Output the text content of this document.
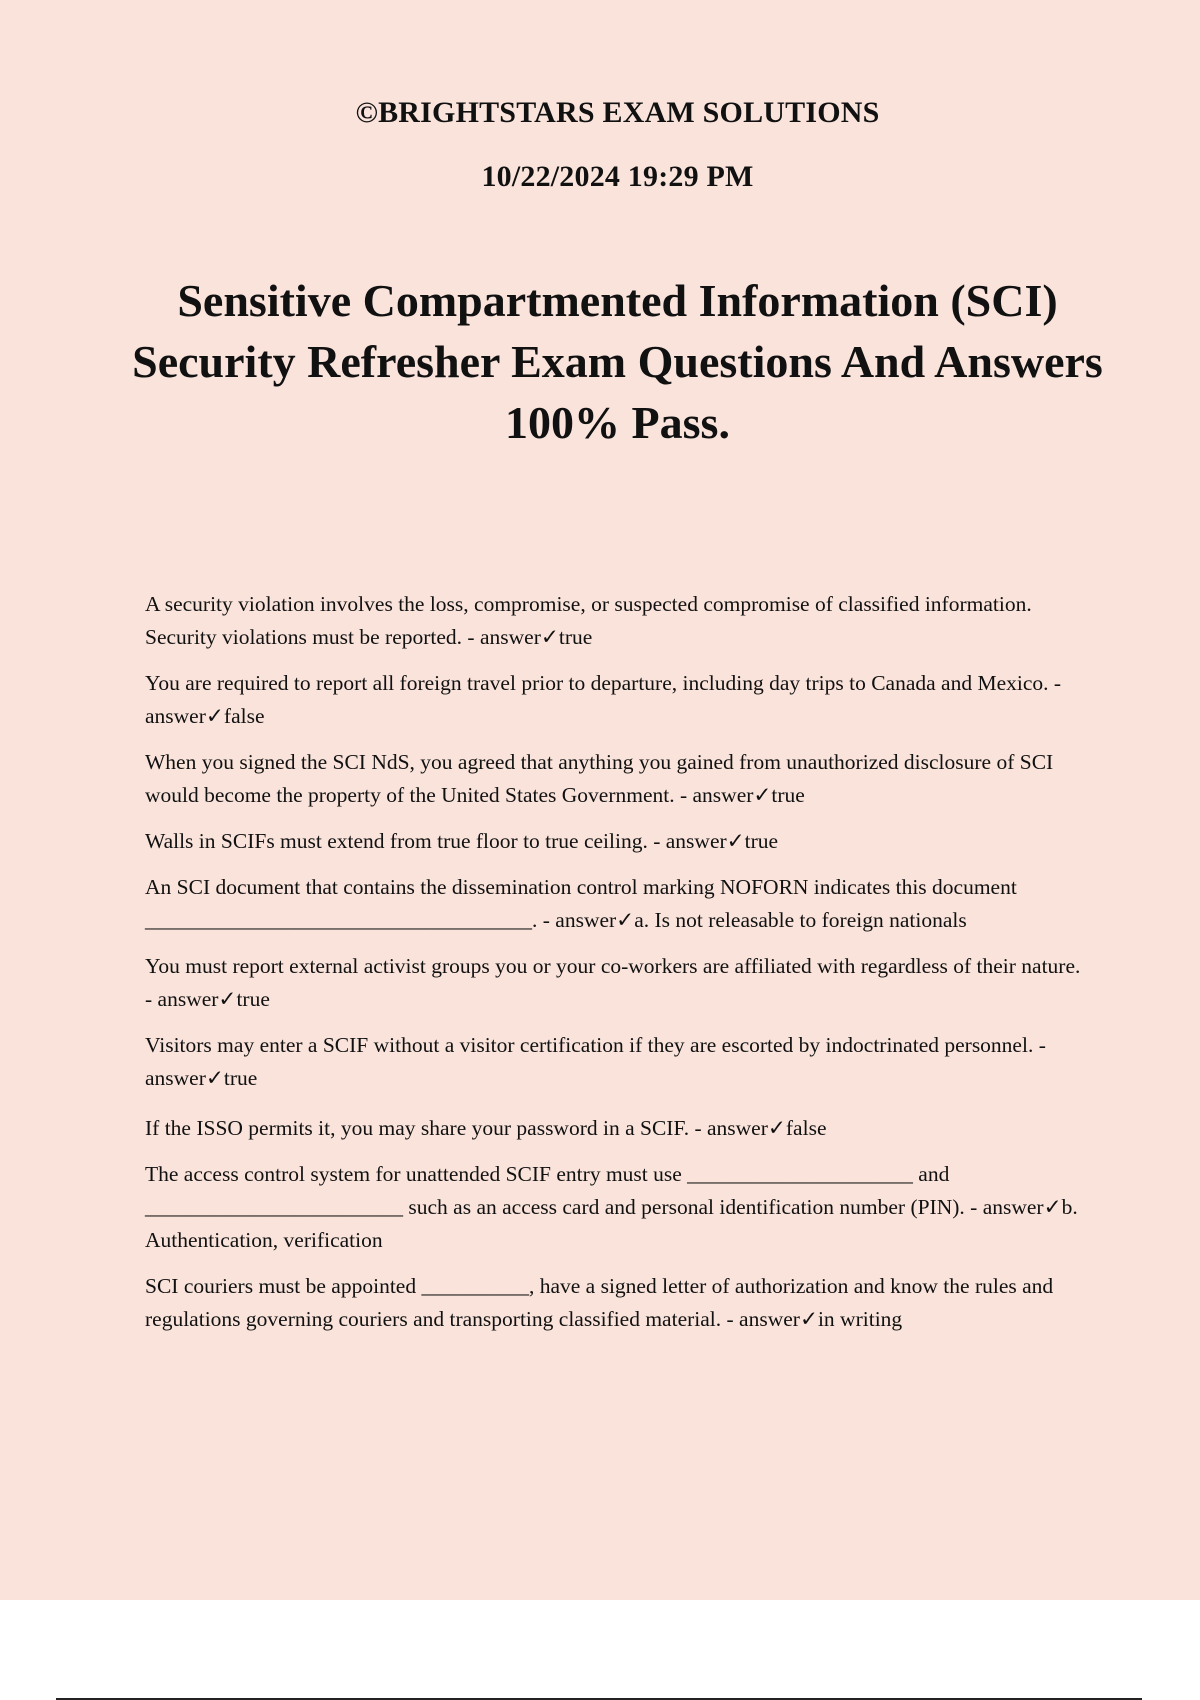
©BRIGHTSTARS EXAM SOLUTIONS
10/22/2024 19:29 PM
Sensitive Compartmented Information (SCI) Security Refresher Exam Questions And Answers 100% Pass.

A security violation involves the loss, compromise, or suspected compromise of classified information. Security violations must be reported. - answer✓true

You are required to report all foreign travel prior to departure, including day trips to Canada and Mexico. - answer✓false

When you signed the SCI NdS, you agreed that anything you gained from unauthorized disclosure of SCI would become the property of the United States Government. - answer✓true

Walls in SCIFs must extend from true floor to true ceiling. - answer✓true

An SCI document that contains the dissemination control marking NOFORN indicates this document ____________________________________. - answer✓a. Is not releasable to foreign nationals

You must report external activist groups you or your co-workers are affiliated with regardless of their nature. - answer✓true

Visitors may enter a SCIF without a visitor certification if they are escorted by indoctrinated personnel. - answer✓true

If the ISSO permits it, you may share your password in a SCIF. - answer✓false

The access control system for unattended SCIF entry must use _____________________ and ________________________ such as an access card and personal identification number (PIN). - answer✓b. Authentication, verification

SCI couriers must be appointed __________, have a signed letter of authorization and know the rules and regulations governing couriers and transporting classified material. - answer✓in writing
